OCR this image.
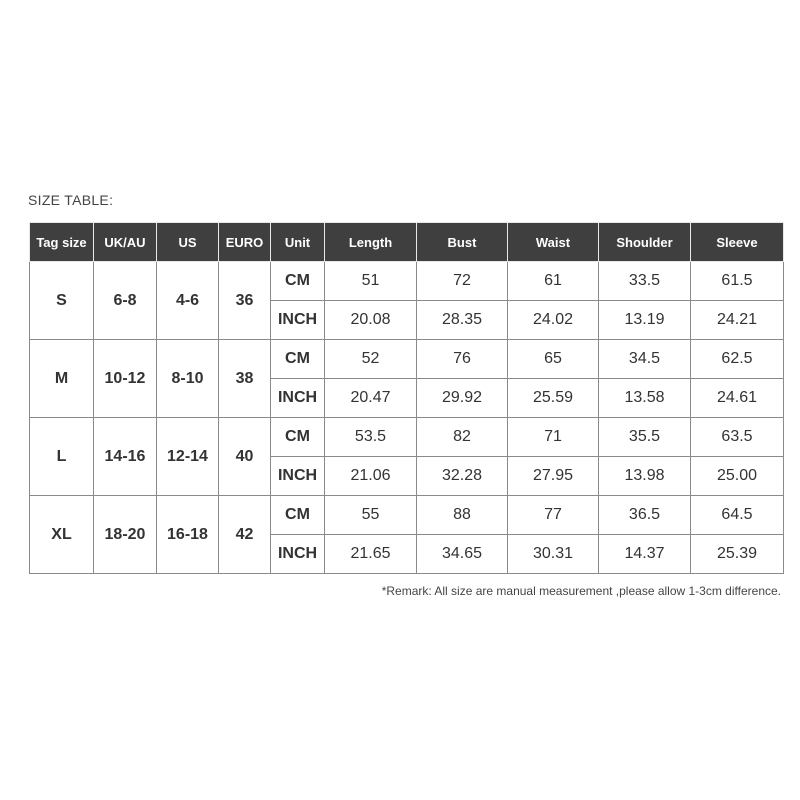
SIZE TABLE:
Tag size	UK/AU	US	EURO	Unit	Length	Bust	Waist	Shoulder	Sleeve
S	6-8	4-6	36	CM	51	72	61	33.5	61.5
				INCH	20.08	28.35	24.02	13.19	24.21
M	10-12	8-10	38	CM	52	76	65	34.5	62.5
				INCH	20.47	29.92	25.59	13.58	24.61
L	14-16	12-14	40	CM	53.5	82	71	35.5	63.5
				INCH	21.06	32.28	27.95	13.98	25.00
XL	18-20	16-18	42	CM	55	88	77	36.5	64.5
				INCH	21.65	34.65	30.31	14.37	25.39
*Remark: All size are manual measurement ,please allow 1-3cm difference.
